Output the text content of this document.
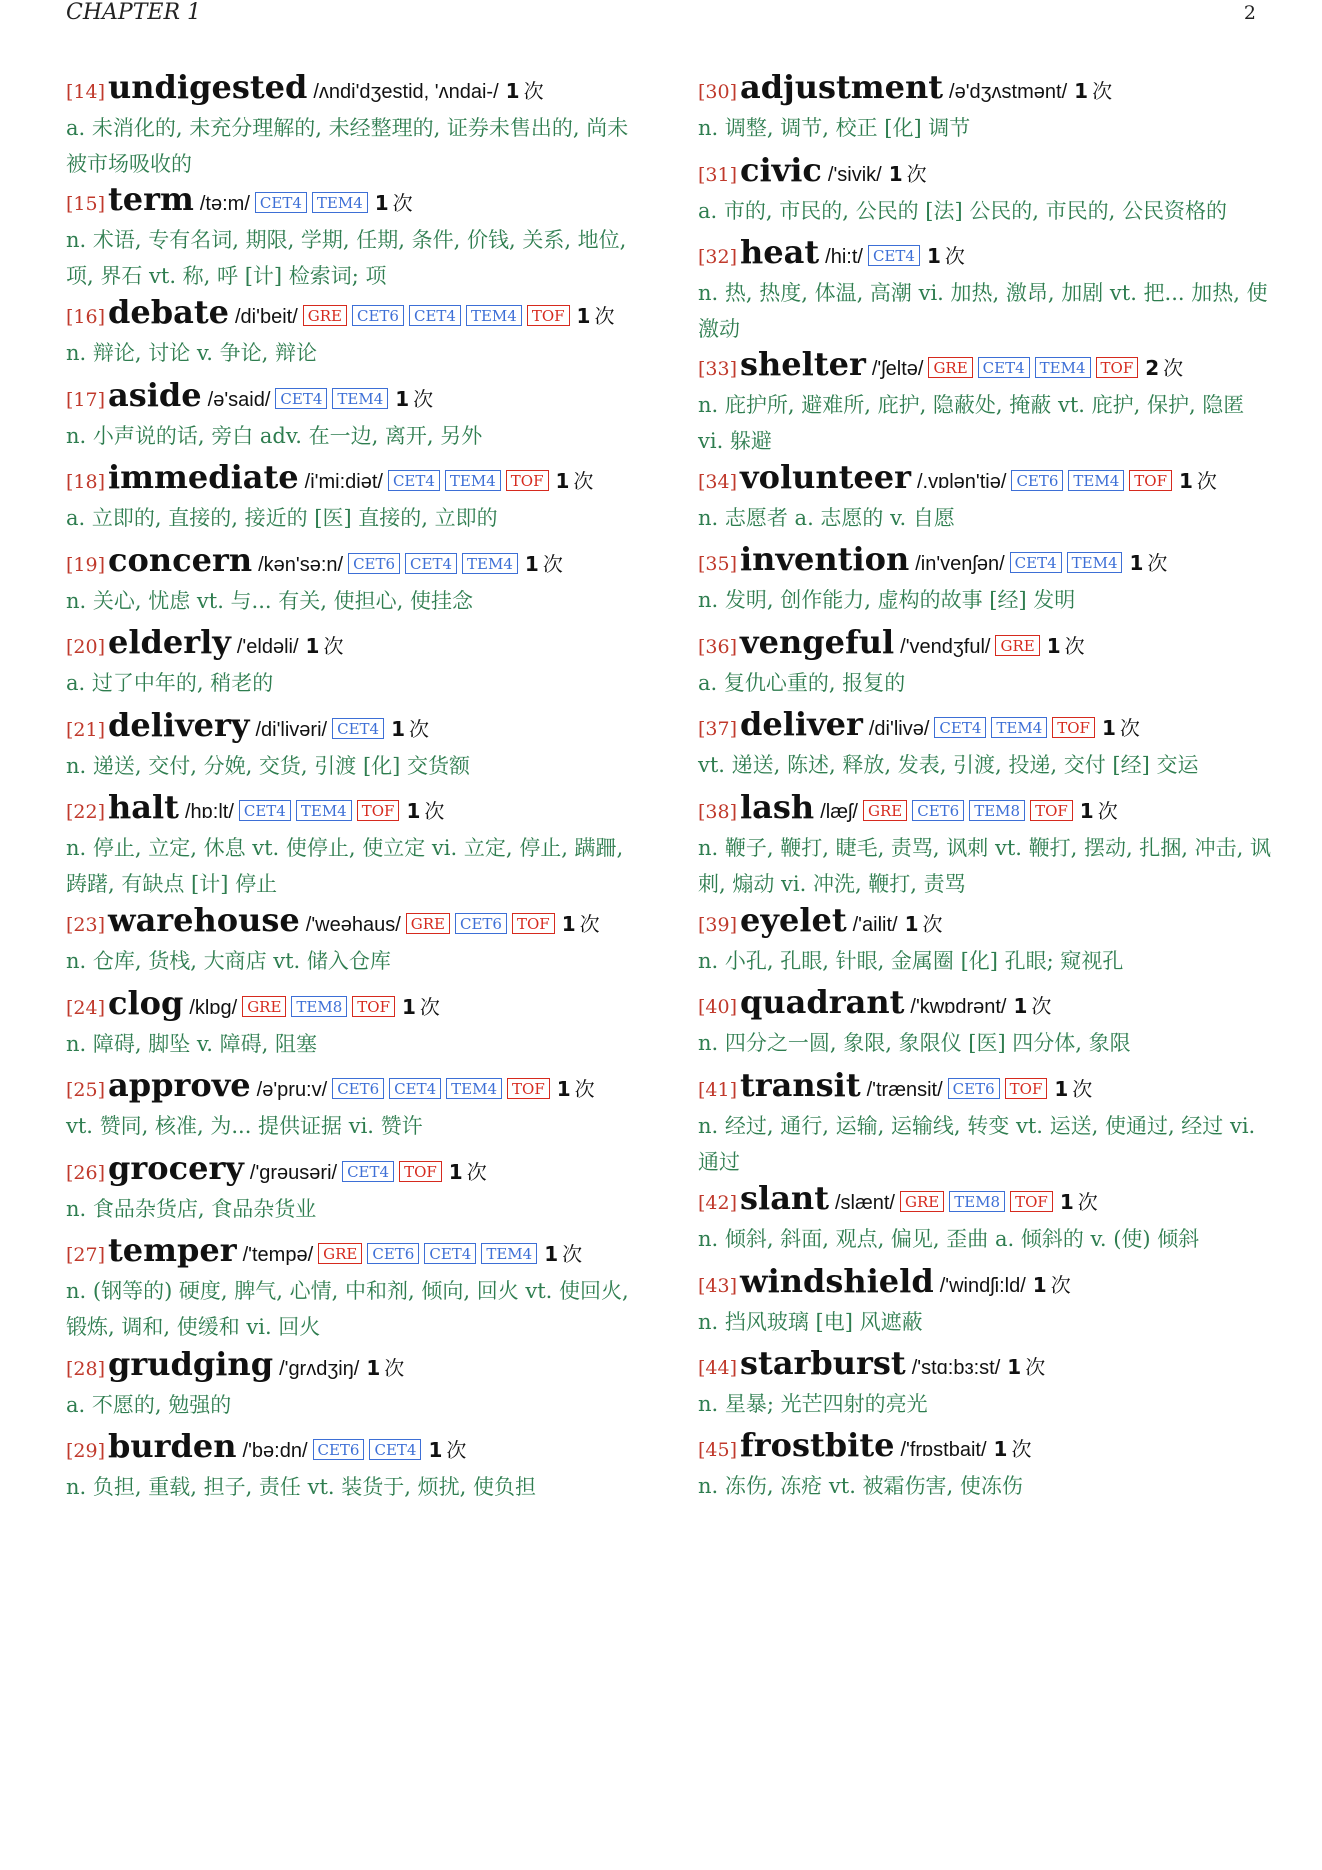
CHAPTER 1	2
[14]undigested /ʌndi'dʒestid, 'ʌndai-/ 1 次
a. 未消化的, 未充分理解的, 未经整理的, 证券未售出的, 尚未被市场吸收的
[15]term /tə:m/ CET4 TEM4 1 次
n. 术语, 专有名词, 期限, 学期, 任期, 条件, 价钱, 关系, 地位, 项, 界石 vt. 称, 呼 [计] 检索词; 项
[16]debate /di'beit/ GRE CET6 CET4 TEM4 TOF 1 次
n. 辩论, 讨论 v. 争论, 辩论
[17]aside /ə'said/ CET4 TEM4 1 次
n. 小声说的话, 旁白 adv. 在一边, 离开, 另外
[18]immediate /i'mi:diət/ CET4 TEM4 TOF 1 次
a. 立即的, 直接的, 接近的 [医] 直接的, 立即的
[19]concern /kən'sə:n/ CET6 CET4 TEM4 1 次
n. 关心, 忧虑 vt. 与... 有关, 使担心, 使挂念
[20]elderly /'eldəli/ 1 次
a. 过了中年的, 稍老的
[21]delivery /di'livəri/ CET4 1 次
n. 递送, 交付, 分娩, 交货, 引渡 [化] 交货额
[22]halt /hɒ:lt/ CET4 TEM4 TOF 1 次
n. 停止, 立定, 休息 vt. 使停止, 使立定 vi. 立定, 停止, 蹒跚, 踌躇, 有缺点 [计] 停止
[23]warehouse /'weəhaus/ GRE CET6 TOF 1 次
n. 仓库, 货栈, 大商店 vt. 储入仓库
[24]clog /klɒg/ GRE TEM8 TOF 1 次
n. 障碍, 脚坠 v. 障碍, 阻塞
[25]approve /ə'pru:v/ CET6 CET4 TEM4 TOF 1 次
vt. 赞同, 核准, 为... 提供证据 vi. 赞许
[26]grocery /'grəusəri/ CET4 TOF 1 次
n. 食品杂货店, 食品杂货业
[27]temper /'tempə/ GRE CET6 CET4 TEM4 1 次
n. (钢等的) 硬度, 脾气, 心情, 中和剂, 倾向, 回火 vt. 使回火, 锻炼, 调和, 使缓和 vi. 回火
[28]grudging /'grʌdʒiŋ/ 1 次
a. 不愿的, 勉强的
[29]burden /'bə:dn/ CET6 CET4 1 次
n. 负担, 重载, 担子, 责任 vt. 装货于, 烦扰, 使负担
[30]adjustment /ə'dʒʌstmənt/ 1 次
n. 调整, 调节, 校正 [化] 调节
[31]civic /'sivik/ 1 次
a. 市的, 市民的, 公民的 [法] 公民的, 市民的, 公民资格的
[32]heat /hi:t/ CET4 1 次
n. 热, 热度, 体温, 高潮 vi. 加热, 激昂, 加剧 vt. 把... 加热, 使激动
[33]shelter /'ʃeltə/ GRE CET4 TEM4 TOF 2 次
n. 庇护所, 避难所, 庇护, 隐蔽处, 掩蔽 vt. 庇护, 保护, 隐匿 vi. 躲避
[34]volunteer /.vɒlən'tiə/ CET6 TEM4 TOF 1 次
n. 志愿者 a. 志愿的 v. 自愿
[35]invention /in'venʃən/ CET4 TEM4 1 次
n. 发明, 创作能力, 虚构的故事 [经] 发明
[36]vengeful /'vendʒful/ GRE 1 次
a. 复仇心重的, 报复的
[37]deliver /di'livə/ CET4 TEM4 TOF 1 次
vt. 递送, 陈述, 释放, 发表, 引渡, 投递, 交付 [经] 交运
[38]lash /læʃ/ GRE CET6 TEM8 TOF 1 次
n. 鞭子, 鞭打, 睫毛, 责骂, 讽刺 vt. 鞭打, 摆动, 扎捆, 冲击, 讽刺, 煽动 vi. 冲洗, 鞭打, 责骂
[39]eyelet /'ailit/ 1 次
n. 小孔, 孔眼, 针眼, 金属圈 [化] 孔眼; 窥视孔
[40]quadrant /'kwɒdrənt/ 1 次
n. 四分之一圆, 象限, 象限仪 [医] 四分体, 象限
[41]transit /'trænsit/ CET6 TOF 1 次
n. 经过, 通行, 运输, 运输线, 转变 vt. 运送, 使通过, 经过 vi. 通过
[42]slant /slænt/ GRE TEM8 TOF 1 次
n. 倾斜, 斜面, 观点, 偏见, 歪曲 a. 倾斜的 v. (使) 倾斜
[43]windshield /'windʃi:ld/ 1 次
n. 挡风玻璃 [电] 风遮蔽
[44]starburst /'stɑ:bɜ:st/ 1 次
n. 星暴; 光芒四射的亮光
[45]frostbite /'frɒstbait/ 1 次
n. 冻伤, 冻疮 vt. 被霜伤害, 使冻伤
